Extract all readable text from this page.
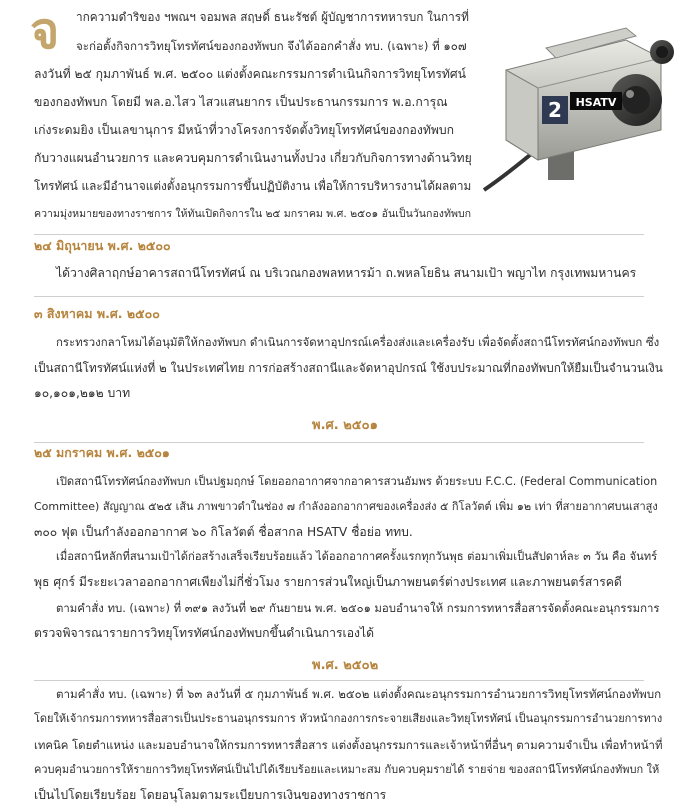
จ ากความดำริของ ฯพณฯ จอมพล สฤษดิ์ ธนะรัชต์ ผู้บัญชาการทหารบก ในการที่
จะก่อตั้งกิจการวิทยุโทรทัศน์ของกองทัพบก จึงได้ออกคำสั่ง ทบ. (เฉพาะ) ที่ ๑๐๗
ลงวันที่ ๒๕ กุมภาพันธ์ พ.ศ. ๒๕๐๐ แต่งตั้งคณะกรรมการดำเนินกิจการวิทยุโทรทัศน์
ของกองทัพบก โดยมี พล.อ.ไสว ไสวแสนยากร เป็นประธานกรรมการ พ.อ.การุณ
เก่งระดมยิง เป็นเลขานุการ มีหน้าที่วางโครงการจัดตั้งวิทยุโทรทัศน์ของกองทัพบก
กับวางแผนอำนวยการ และควบคุมการดำเนินงานทั้งปวง เกี่ยวกับกิจการทางด้านวิทยุ
โทรทัศน์ และมีอำนาจแต่งตั้งอนุกรรมการขึ้นปฏิบัติงาน เพื่อให้การบริหารงานได้ผลตาม
ความมุ่งหมายของทางราชการ ให้ทันเปิดกิจการใน ๒๕ มกราคม พ.ศ. ๒๕๐๑ อันเป็นวันกองทัพบก
2 HSATV
๒๔ มิถุนายน พ.ศ. ๒๕๐๐
ได้วางศิลาฤกษ์อาคารสถานีโทรทัศน์ ณ บริเวณกองพลทหารม้า ถ.พหลโยธิน สนามเป้า พญาไท กรุงเทพมหานคร
๓ สิงหาคม พ.ศ. ๒๕๐๐
กระทรวงกลาโหมได้อนุมัติให้กองทัพบก ดำเนินการจัดหาอุปกรณ์เครื่องส่งและเครื่องรับ เพื่อจัดตั้งสถานีโทรทัศน์กองทัพบก ซึ่ง
เป็นสถานีโทรทัศน์แห่งที่ ๒ ในประเทศไทย การก่อสร้างสถานีและจัดหาอุปกรณ์ ใช้งบประมาณที่กองทัพบกให้ยืมเป็นจำนวนเงิน
๑๐,๑๐๑,๒๑๒ บาท
พ.ศ. ๒๕๐๑
๒๕ มกราคม พ.ศ. ๒๕๐๑
เปิดสถานีโทรทัศน์กองทัพบก เป็นปฐมฤกษ์ โดยออกอากาศจากอาคารสวนอัมพร ด้วยระบบ F.C.C. (Federal Communication
Committee) สัญญาณ ๕๒๕ เส้น ภาพขาวดำในช่อง ๗ กำลังออกอากาศของเครื่องส่ง ๕ กิโลวัตต์ เพิ่ม ๑๒ เท่า ที่สายอากาศบนเสาสูง
๓๐๐ ฟุต เป็นกำลังออกอากาศ ๖๐ กิโลวัตต์ ชื่อสากล HSATV ชื่อย่อ ททบ.
เมื่อสถานีหลักที่สนามเป้าได้ก่อสร้างเสร็จเรียบร้อยแล้ว ได้ออกอากาศครั้งแรกทุกวันพุธ ต่อมาเพิ่มเป็นสัปดาห์ละ ๓ วัน คือ จันทร์
พุธ ศุกร์ มีระยะเวลาออกอากาศเพียงไม่กี่ชั่วโมง รายการส่วนใหญ่เป็นภาพยนตร์ต่างประเทศ และภาพยนตร์สารคดี
ตามคำสั่ง ทบ. (เฉพาะ) ที่ ๓๙๑ ลงวันที่ ๒๙ กันยายน พ.ศ. ๒๕๐๑ มอบอำนาจให้ กรมการทหารสื่อสารจัดตั้งคณะอนุกรรมการ
ตรวจพิจารณารายการวิทยุโทรทัศน์กองทัพบกขึ้นดำเนินการเองได้
พ.ศ. ๒๕๐๒
ตามคำสั่ง ทบ. (เฉพาะ) ที่ ๖๓ ลงวันที่ ๕ กุมภาพันธ์ พ.ศ. ๒๕๐๒ แต่งตั้งคณะอนุกรรมการอำนวยการวิทยุโทรทัศน์กองทัพบก
โดยให้เจ้ากรมการทหารสื่อสารเป็นประธานอนุกรรมการ หัวหน้ากองการกระจายเสียงและวิทยุโทรทัศน์ เป็นอนุกรรมการอำนวยการทาง
เทคนิค โดยตำแหน่ง และมอบอำนาจให้กรมการทหารสื่อสาร แต่งตั้งอนุกรรมการและเจ้าหน้าที่อื่นๆ ตามความจำเป็น เพื่อทำหน้าที่
ควบคุมอำนวยการให้รายการวิทยุโทรทัศน์เป็นไปได้เรียบร้อยและเหมาะสม กับควบคุมรายได้ รายจ่าย ของสถานีโทรทัศน์กองทัพบก ให้
เป็นไปโดยเรียบร้อย โดยอนุโลมตามระเบียบการเงินของทางราชการ
